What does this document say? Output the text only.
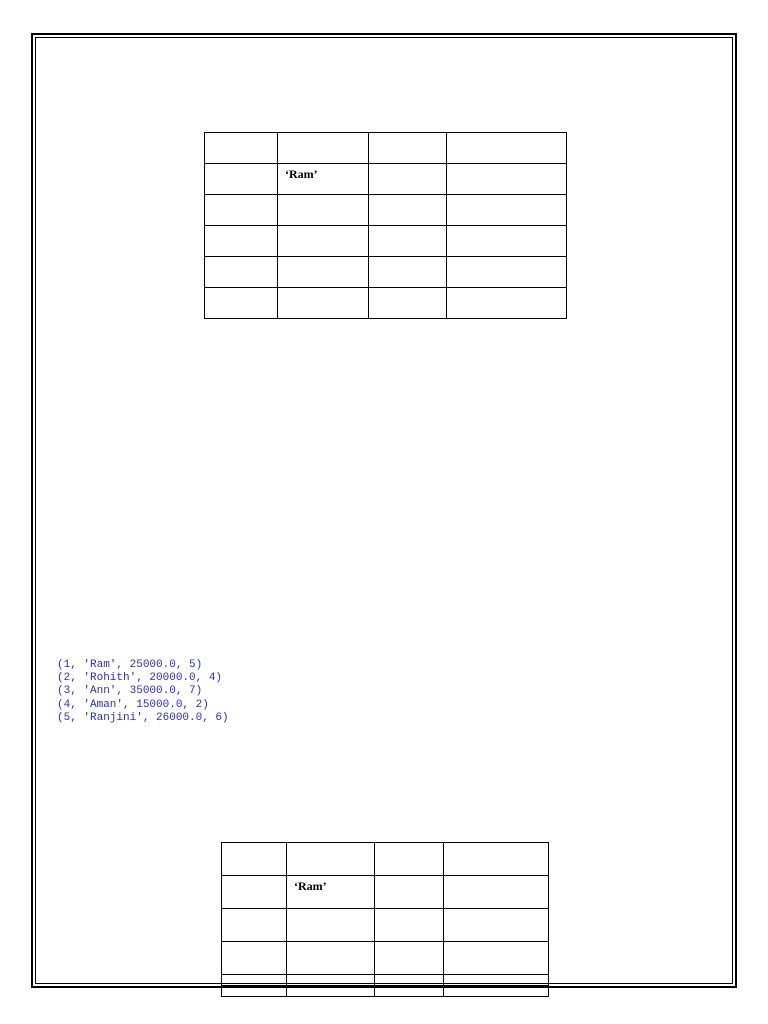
	‘Ram’		

(1, 'Ram', 25000.0, 5)
(2, 'Rohith', 20000.0, 4)
(3, 'Ann', 35000.0, 7)
(4, 'Aman', 15000.0, 2)
(5, 'Ranjini', 26000.0, 6)

	‘Ram’		
